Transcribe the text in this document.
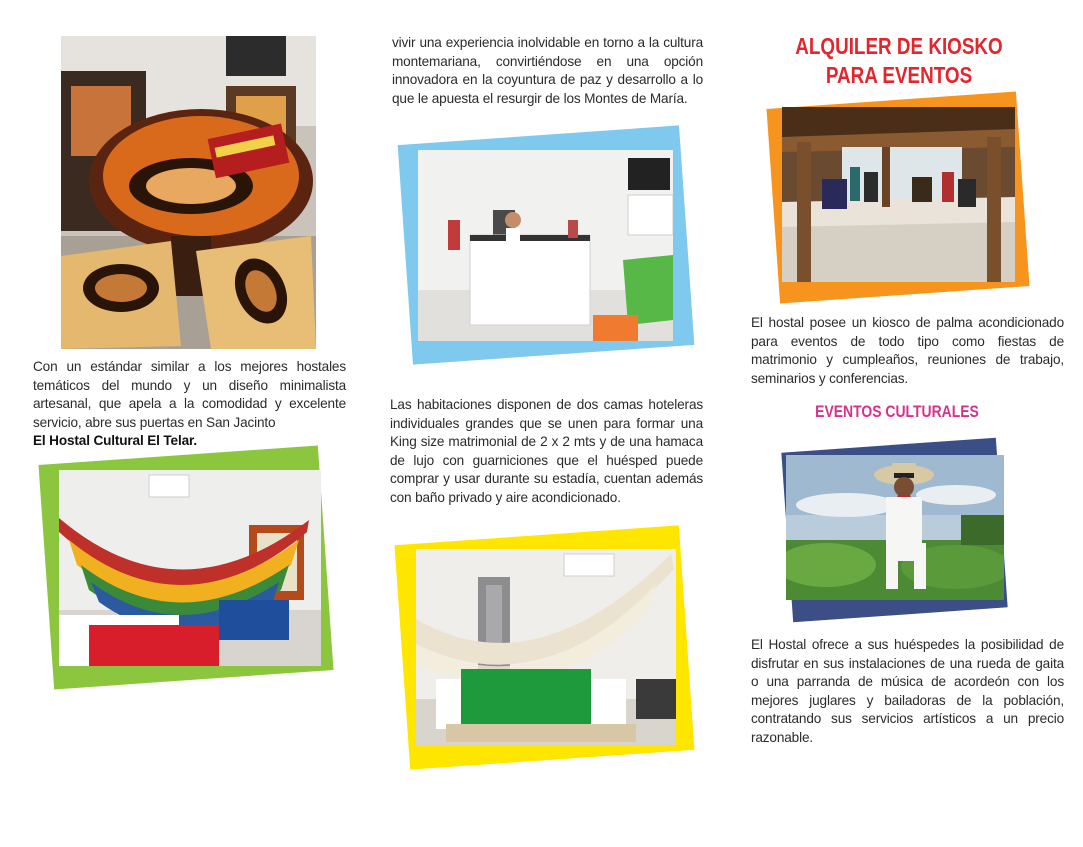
Con un estándar similar a los mejores hostales temáticos del mundo y un diseño minimalista artesanal, que apela a la comodidad y excelente servicio, abre sus puertas en San Jacinto
El Hostal Cultural El Telar.
vivir una experiencia inolvidable en torno a la cultura montemariana, convirtiéndose en una opción innovadora en la coyuntura de paz y desarrollo a lo que le apuesta el resurgir de los Montes de María.
Las habitaciones disponen de dos camas hoteleras individuales grandes que se unen para formar una King size matrimonial de 2 x 2 mts y de una hamaca de lujo con guarniciones que el huésped puede comprar y usar durante su estadía, cuentan además con baño privado y aire acondicionado.
ALQUILER DE KIOSKO
PARA EVENTOS
El hostal posee un kiosco de palma acondicionado para eventos de todo tipo como fiestas de matrimonio y cumpleaños, reuniones de trabajo, seminarios y conferencias.
EVENTOS CULTURALES
El Hostal ofrece a sus huéspedes la posibilidad de disfrutar en sus instalaciones de una rueda de gaita o una parranda de música de acordeón con los mejores juglares y bailadoras de la población, contratando sus servicios artísticos a un precio razonable.
